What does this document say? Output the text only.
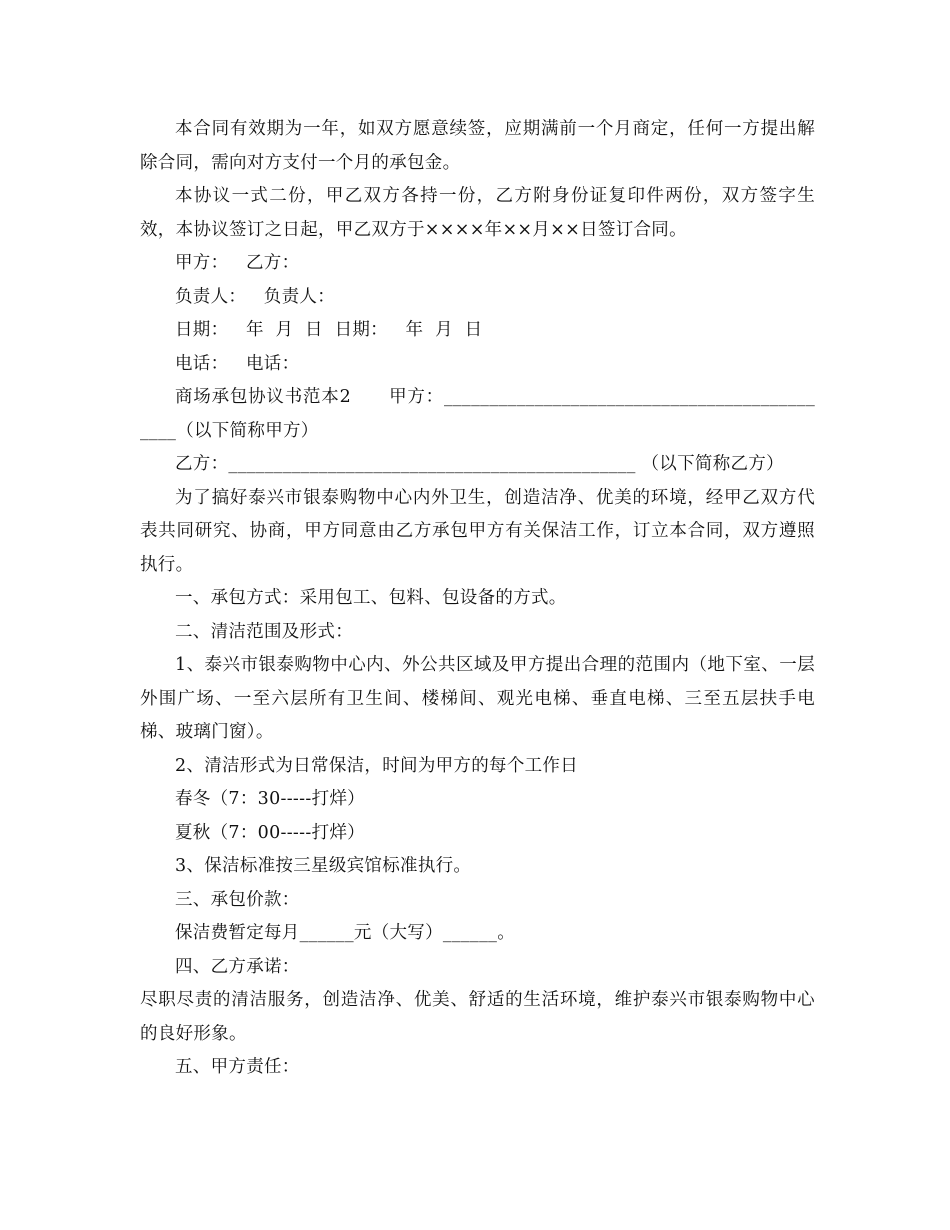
本合同有效期为一年，如双方愿意续签，应期满前一个月商定，任何一方提出解除合同，需向对方支付一个月的承包金。

本协议一式二份，甲乙双方各持一份，乙方附身份证复印件两份，双方签字生效，本协议签订之日起，甲乙双方于××××年××月××日签订合同。

甲方：   乙方：

负责人：   负责人：

日期：   年  月  日  日期：   年  月  日

电话：   电话：

商场承包协议书范本2      甲方：_________________________________________ ____（以下简称甲方）

乙方：_____________________________________________ （以下简称乙方）

为了搞好泰兴市银泰购物中心内外卫生，创造洁净、优美的环境，经甲乙双方代表共同研究、协商，甲方同意由乙方承包甲方有关保洁工作，订立本合同，双方遵照执行。

一、承包方式：采用包工、包料、包设备的方式。

二、清洁范围及形式：

1、泰兴市银泰购物中心内、外公共区域及甲方提出合理的范围内（地下室、一层外围广场、一至六层所有卫生间、楼梯间、观光电梯、垂直电梯、三至五层扶手电梯、玻璃门窗）。

2、清洁形式为日常保洁，时间为甲方的每个工作日

春冬（7：30-----打烊）

夏秋（7：00-----打烊）

3、保洁标准按三星级宾馆标准执行。

三、承包价款：

保洁费暂定每月______元（大写）______。

四、乙方承诺：

尽职尽责的清洁服务，创造洁净、优美、舒适的生活环境，维护泰兴市银泰购物中心的良好形象。

五、甲方责任：
